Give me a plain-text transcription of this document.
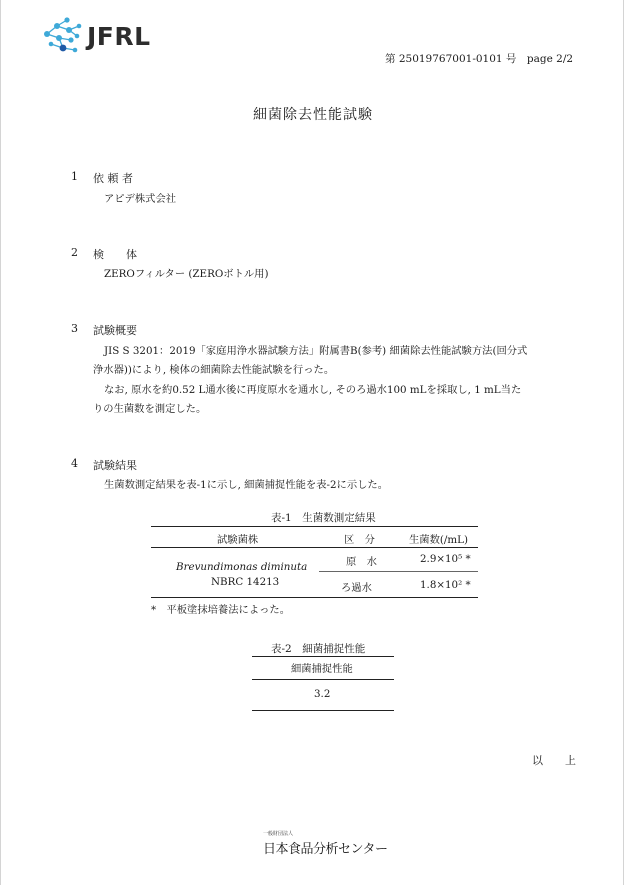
JFRL
第 25019767001-0101 号　page 2/2
細菌除去性能試験
1 依 頼 者
アピデ株式会社
2 検　　体
ZEROフィルター (ZEROボトル用)
3 試験概要
JIS S 3201：2019「家庭用浄水器試験方法」附属書B(参考) 細菌除去性能試験方法(回分式
浄水器))により, 検体の細菌除去性能試験を行った。
なお, 原水を約0.52 L通水後に再度原水を通水し, そのろ過水100 mLを採取し, 1 mL当た
りの生菌数を測定した。
4 試験結果
生菌数測定結果を表-1に示し, 細菌捕捉性能を表-2に示した。
表-1　生菌数測定結果
試験菌株	区　分	生菌数(/mL)
Brevundimonas diminuta
NBRC 14213
原　水	2.9×10⁵ *
ろ過水	1.8×10² *
*　平板塗抹培養法によった。
表-2　細菌捕捉性能
細菌捕捉性能
3.2
以上
一般財団法人
日本食品分析センター
